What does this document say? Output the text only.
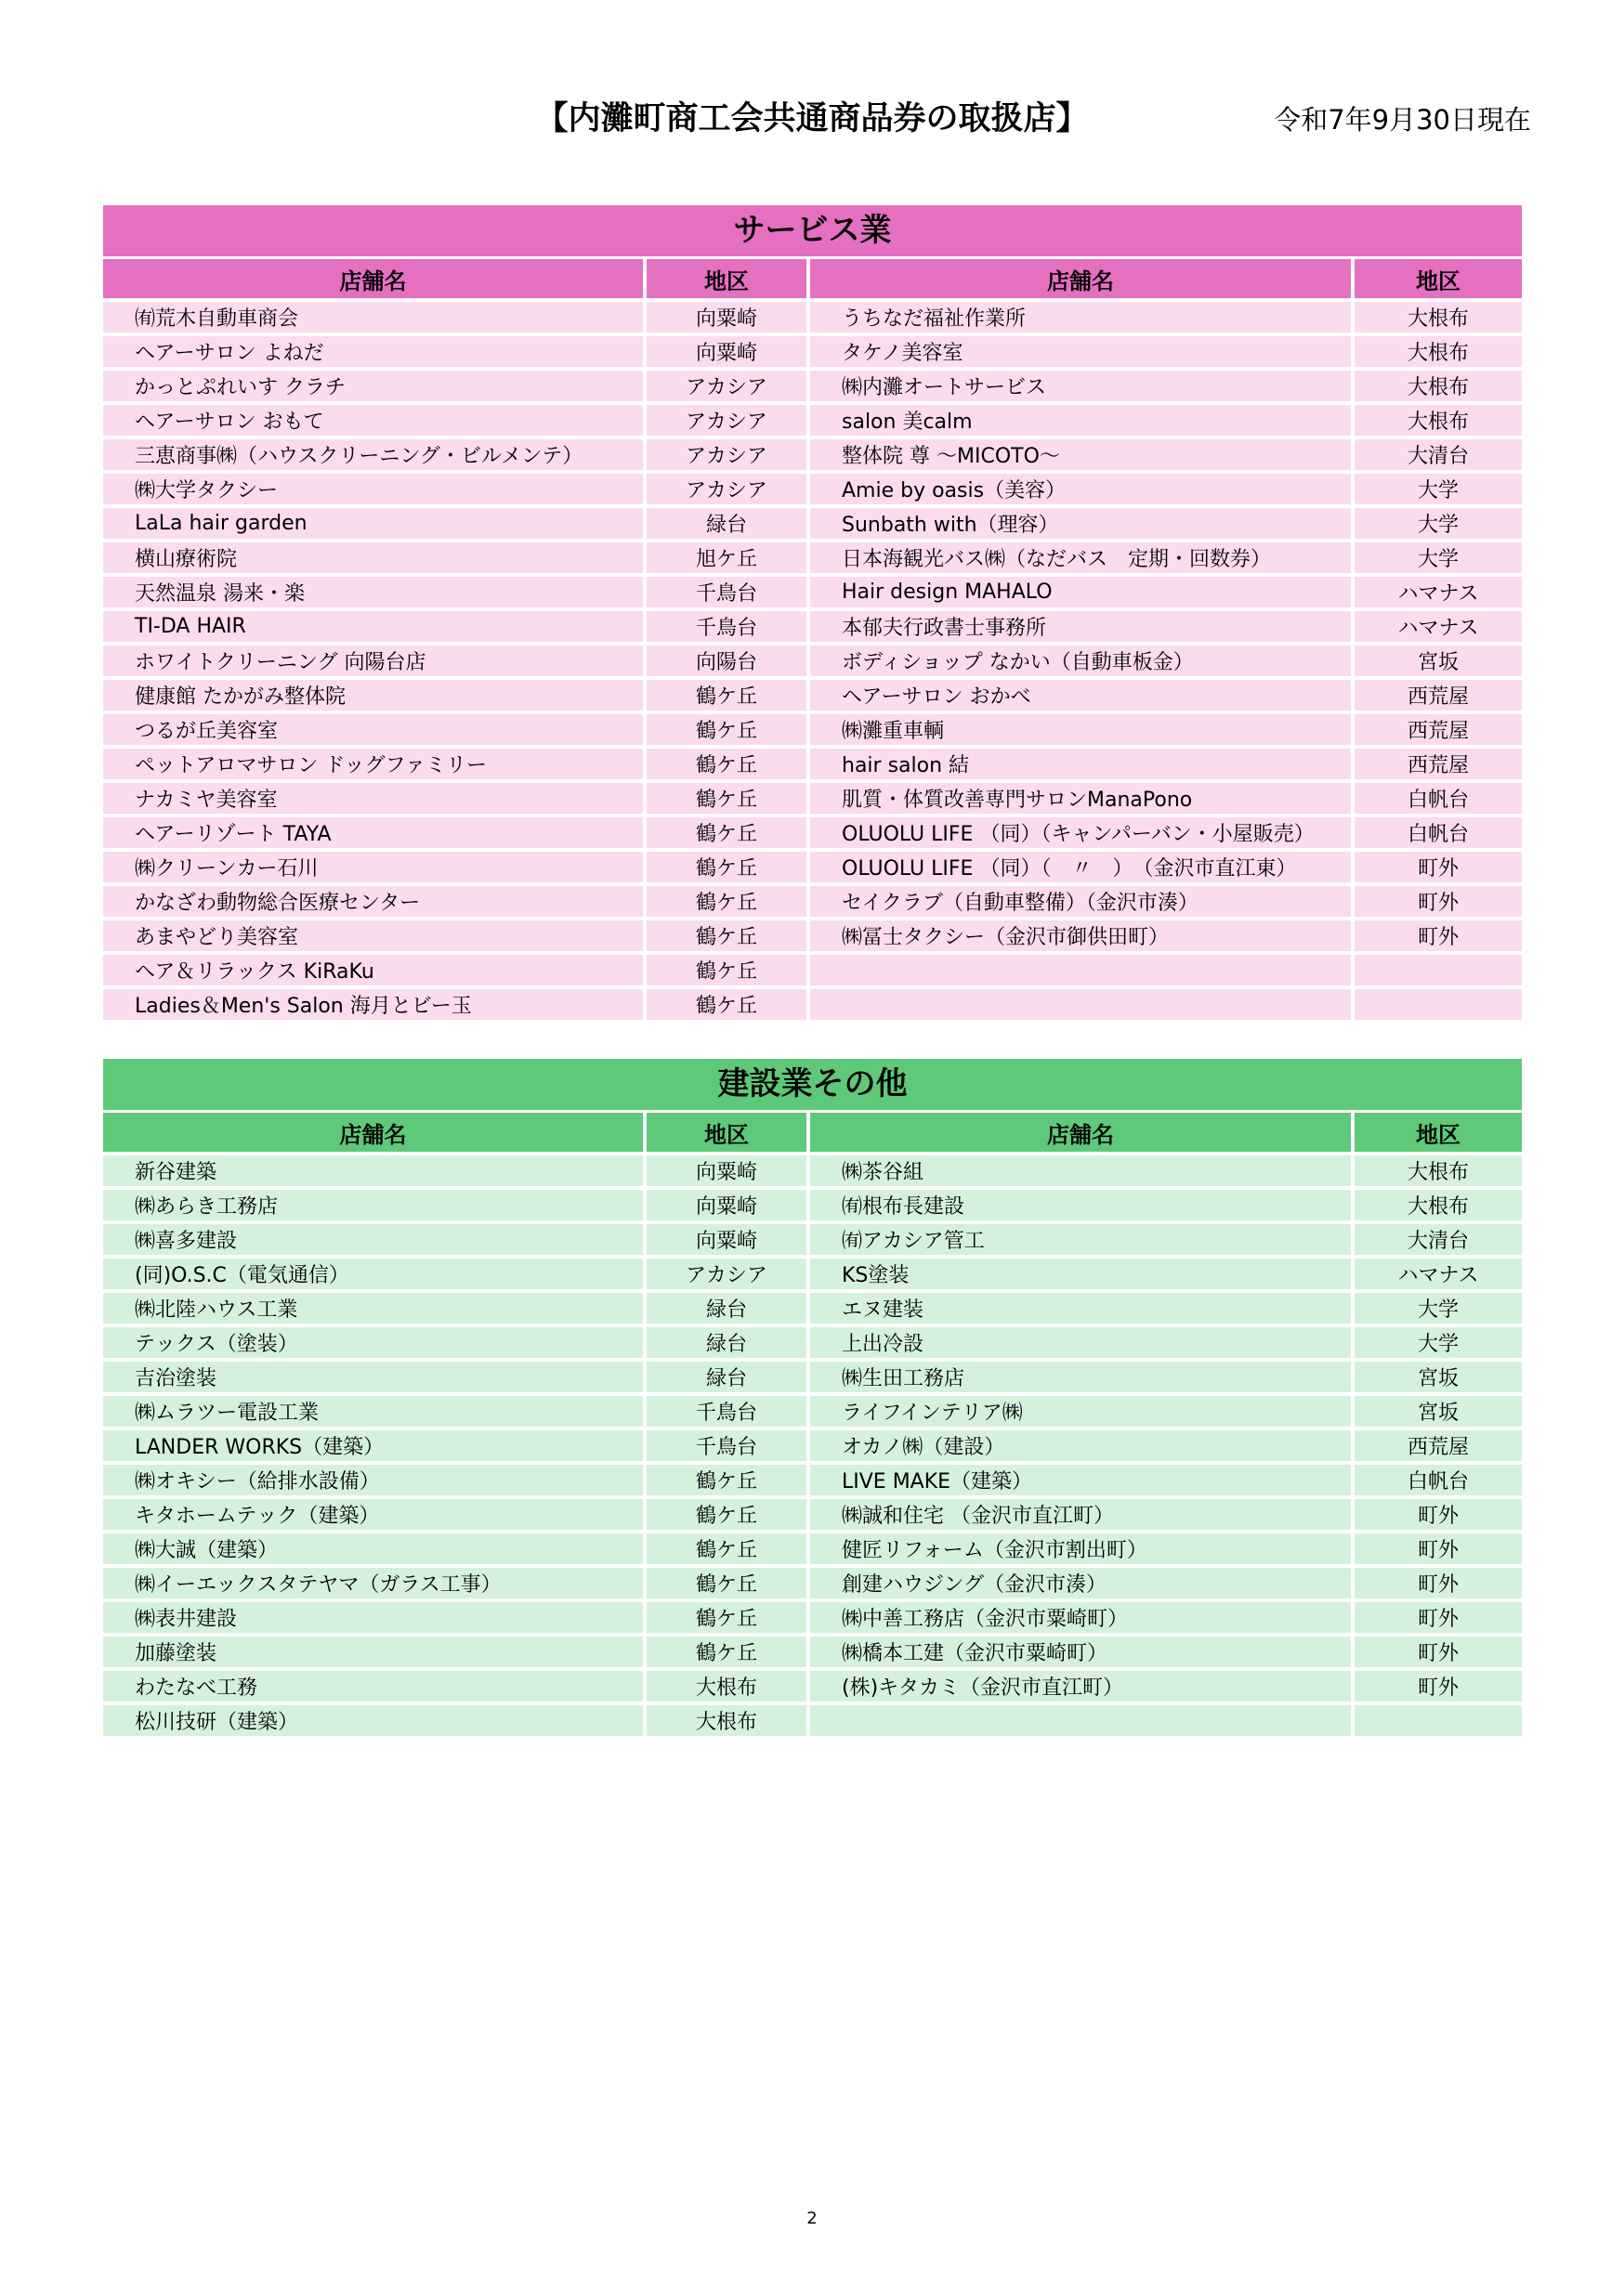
【内灘町商工会共通商品券の取扱店】	令和7年9月30日現在
サービス業
店舗名	地区	店舗名	地区
㈲荒木自動車商会	向粟崎	うちなだ福祉作業所	大根布
ヘアーサロン よねだ	向粟崎	タケノ美容室	大根布
かっとぷれいす クラチ	アカシア	㈱内灘オートサービス	大根布
ヘアーサロン おもて	アカシア	salon 美calm	大根布
三恵商事㈱（ハウスクリーニング・ビルメンテ）	アカシア	整体院 尊 ～MICOTO～	大清台
㈱大学タクシー	アカシア	Amie by oasis（美容）	大学
LaLa hair garden	緑台	Sunbath with（理容）	大学
横山療術院	旭ケ丘	日本海観光バス㈱（なだバス　定期・回数券）	大学
天然温泉 湯来・楽	千鳥台	Hair design MAHALO	ハマナス
TI-DA HAIR	千鳥台	本郁夫行政書士事務所	ハマナス
ホワイトクリーニング 向陽台店	向陽台	ボディショップ なかい（自動車板金）	宮坂
健康館 たかがみ整体院	鶴ケ丘	ヘアーサロン おかべ	西荒屋
つるが丘美容室	鶴ケ丘	㈱灘重車輌	西荒屋
ペットアロマサロン ドッグファミリー	鶴ケ丘	hair salon 結	西荒屋
ナカミヤ美容室	鶴ケ丘	肌質・体質改善専門サロンManaPono	白帆台
ヘアーリゾート TAYA	鶴ケ丘	OLUOLU LIFE （同）（キャンパーバン・小屋販売）	白帆台
㈱クリーンカー石川	鶴ケ丘	OLUOLU LIFE （同）（　〃　）　（金沢市直江東）	町外
かなざわ動物総合医療センター	鶴ケ丘	セイクラブ（自動車整備）（金沢市湊）	町外
あまやどり美容室	鶴ケ丘	㈱冨士タクシー（金沢市御供田町）	町外
ヘア＆リラックス KiRaKu	鶴ケ丘		
Ladies＆Men's Salon 海月とビー玉	鶴ケ丘		
建設業その他
店舗名	地区	店舗名	地区
新谷建築	向粟崎	㈱茶谷組	大根布
㈱あらき工務店	向粟崎	㈲根布長建設	大根布
㈱喜多建設	向粟崎	㈲アカシア管工	大清台
(同)O.S.C（電気通信）	アカシア	KS塗装	ハマナス
㈱北陸ハウス工業	緑台	エヌ建装	大学
テックス（塗装）	緑台	上出冷設	大学
吉治塗装	緑台	㈱生田工務店	宮坂
㈱ムラツー電設工業	千鳥台	ライフインテリア㈱	宮坂
LANDER WORKS（建築）	千鳥台	オカノ㈱（建設）	西荒屋
㈱オキシー（給排水設備）	鶴ケ丘	LIVE MAKE（建築）	白帆台
キタホームテック（建築）	鶴ケ丘	㈱誠和住宅 （金沢市直江町）	町外
㈱大誠（建築）	鶴ケ丘	健匠リフォーム（金沢市割出町）	町外
㈱イーエックスタテヤマ（ガラス工事）	鶴ケ丘	創建ハウジング（金沢市湊）	町外
㈱表井建設	鶴ケ丘	㈱中善工務店（金沢市粟崎町）	町外
加藤塗装	鶴ケ丘	㈱橋本工建（金沢市粟崎町）	町外
わたなべ工務	大根布	(株)キタカミ（金沢市直江町）	町外
松川技研（建築）	大根布		
2
